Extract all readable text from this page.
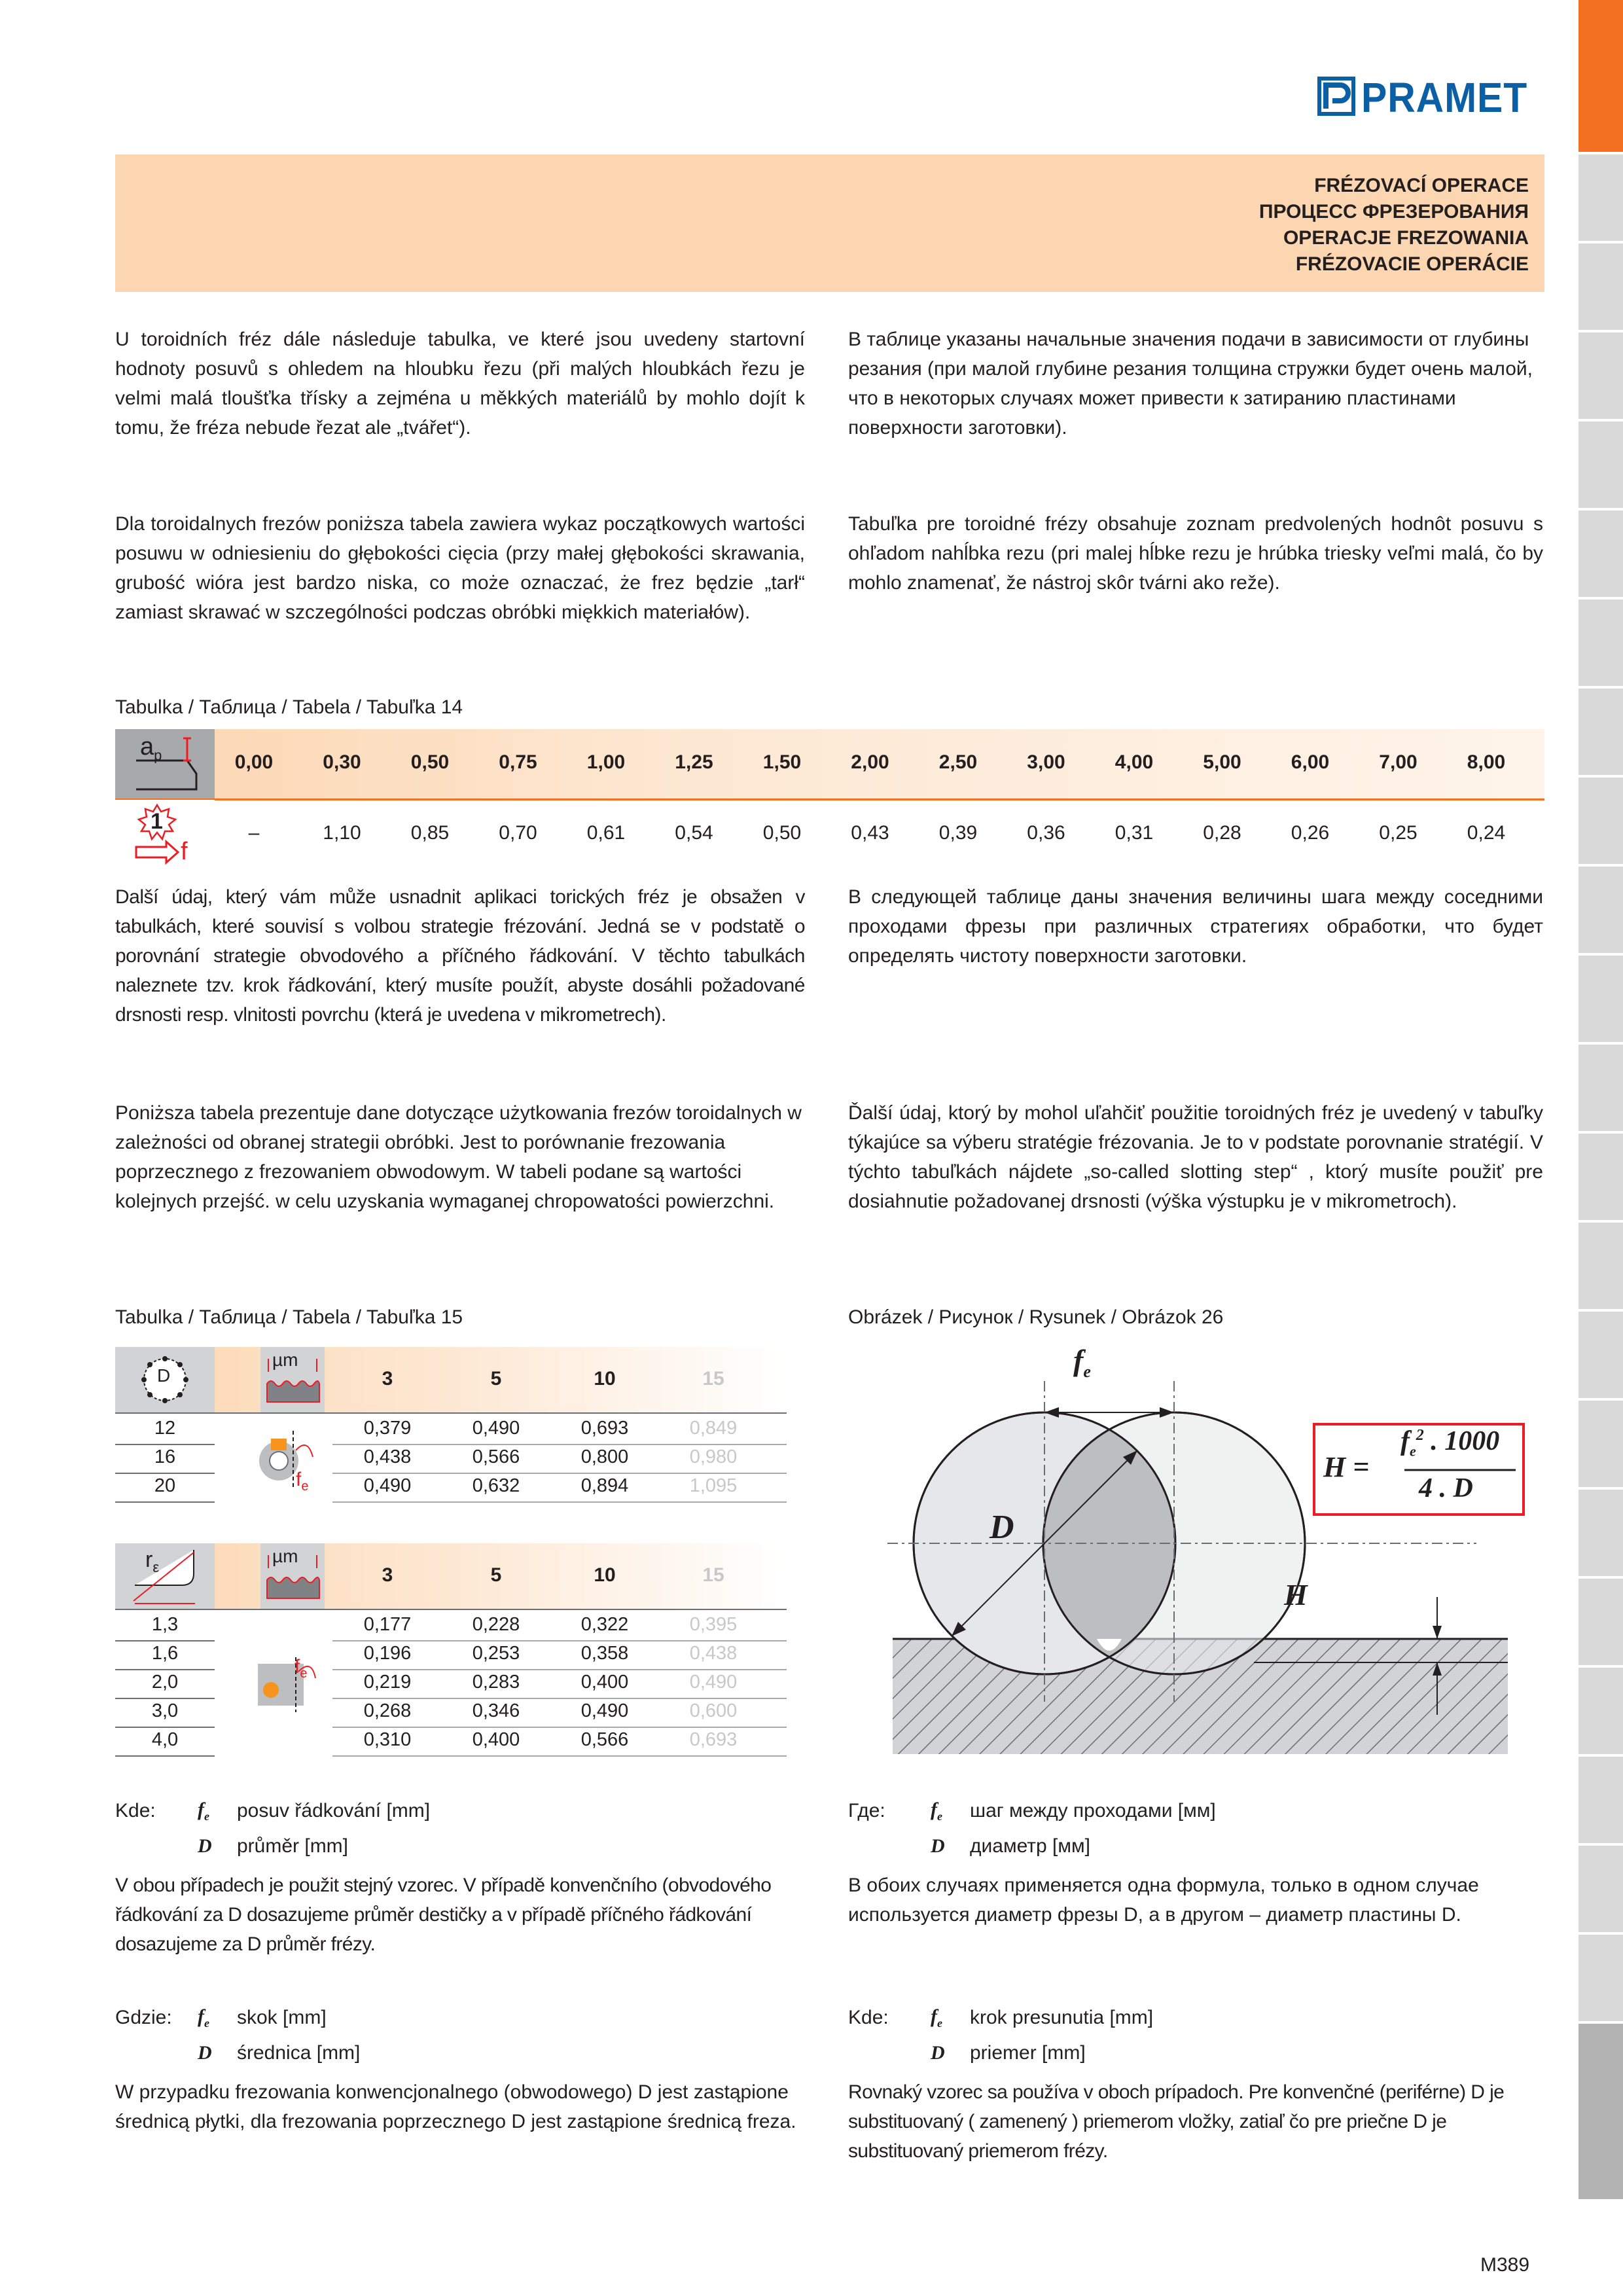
PRAMET
FRÉZOVACÍ OPERACE
ПРОЦЕСС ФРЕЗЕРОВАНИЯ
OPERACJE FREZOWANIA
FRÉZOVACIE OPERÁCIE
U toroidních fréz dále následuje tabulka, ve které jsou uvedeny startovní hodnoty posuvů s ohledem na hloubku řezu (při malých hloubkách řezu je velmi malá tloušťka třísky a zejména u měkkých materiálů by mohlo dojít k tomu, že fréza nebude řezat ale „tvářet“).
В таблице указаны начальные значения подачи в зависимости от глубины резания (при малой глубине резания толщина стружки будет очень малой, что в некоторых случаях может привести к затиранию пластинами поверхности заготовки).
Dla toroidalnych frezów poniższa tabela zawiera wykaz początkowych wartości posuwu w odniesieniu do głębokości cięcia (przy małej głębokości skrawania, grubość wióra jest bardzo niska, co może oznaczać, że frez będzie „tarł“ zamiast skrawać w szczególności podczas obróbki miękkich materiałów).
Tabuľka pre toroidné frézy obsahuje zoznam predvolených hodnôt posuvu s ohľadom nahĺbka rezu (pri malej hĺbke rezu je hrúbka triesky veľmi malá, čo by mohlo znamenať, že nástroj skôr tvárni ako reže).
Tabulka / Таблица / Tabela / Tabuľka 14
$a_p$
1
f
0,00	0,30	0,50	0,75	1,00	1,25	1,50	2,00	2,50	3,00	4,00	5,00	6,00	7,00	8,00
–	1,10	0,85	0,70	0,61	0,54	0,50	0,43	0,39	0,36	0,31	0,28	0,26	0,25	0,24
Další údaj, který vám může usnadnit aplikaci torických fréz je obsažen v tabulkách, které souvisí s volbou strategie frézování. Jedná se v podstatě o porovnání strategie obvodového a příčného řádkování. V těchto tabulkách naleznete tzv. krok řádkování, který musíte použít, abyste dosáhli požadované drsnosti resp. vlnitosti povrchu (která je uvedena v mikrometrech).
В следующей таблице даны значения величины шага между соседними проходами фрезы при различных стратегиях обработки, что будет определять чистоту поверхности заготовки.
Poniższa tabela prezentuje dane dotyczące użytkowania frezów toroidalnych w zależności od obranej strategii obróbki. Jest to porównanie frezowania poprzecznego z frezowaniem obwodowym. W tabeli podane są wartości kolejnych przejść. w celu uzyskania wymaganej chropowatości powierzchni.
Ďalší údaj, ktorý by mohol uľahčiť použitie toroidných fréz je uvedený v tabuľky týkajúce sa výberu stratégie frézovania. Je to v podstate porovnanie stratégií. V týchto tabuľkách nájdete „so-called slotting step“ , ktorý musíte použiť pre dosiahnutie požadovanej drsnosti (výška výstupku je v mikrometroch).
Tabulka / Таблица / Tabela / Tabuľka 15
D
µm
$r_\varepsilon$
µm
$f_e$
$f_e$
3	5	10	15
12	0,379	0,490	0,693	0,849
16	0,438	0,566	0,800	0,980
20	0,490	0,632	0,894	1,095
3	5	10	15
1,3	0,177	0,228	0,322	0,395
1,6	0,196	0,253	0,358	0,438
2,0	0,219	0,283	0,400	0,490
3,0	0,268	0,346	0,490	0,600
4,0	0,310	0,400	0,566	0,693
Obrázek / Рисунок / Rysunek / Obrázok 26
$f_e$
D
H
H =
$f_e^2$ . 1000
4 . D
Kde: $f_e$ posuv řádkování [mm]
D průměr [mm]
V obou případech je použit stejný vzorec. V případě konvenčního (obvodového řádkování za D dosazujeme průměr destičky a v případě příčného řádkování dosazujeme za D průměr frézy.
Где: $f_e$ шаг между проходами [мм]
D диаметр [мм]
В обоих случаях применяется одна формула, только в одном случае используется диаметр фрезы D, а в другом – диаметр пластины D.
Gdzie: $f_e$ skok [mm]
D średnica [mm]
W przypadku frezowania konwencjonalnego (obwodowego) D jest zastąpione średnicą płytki, dla frezowania poprzecznego D jest zastąpione średnicą freza.
Kde: $f_e$ krok presunutia [mm]
D priemer [mm]
Rovnaký vzorec sa používa v oboch prípadoch. Pre konvenčné (periférne) D je substituovaný ( zamenený ) priemerom vložky, zatiaľ čo pre priečne D je substituovaný priemerom frézy.
M389
